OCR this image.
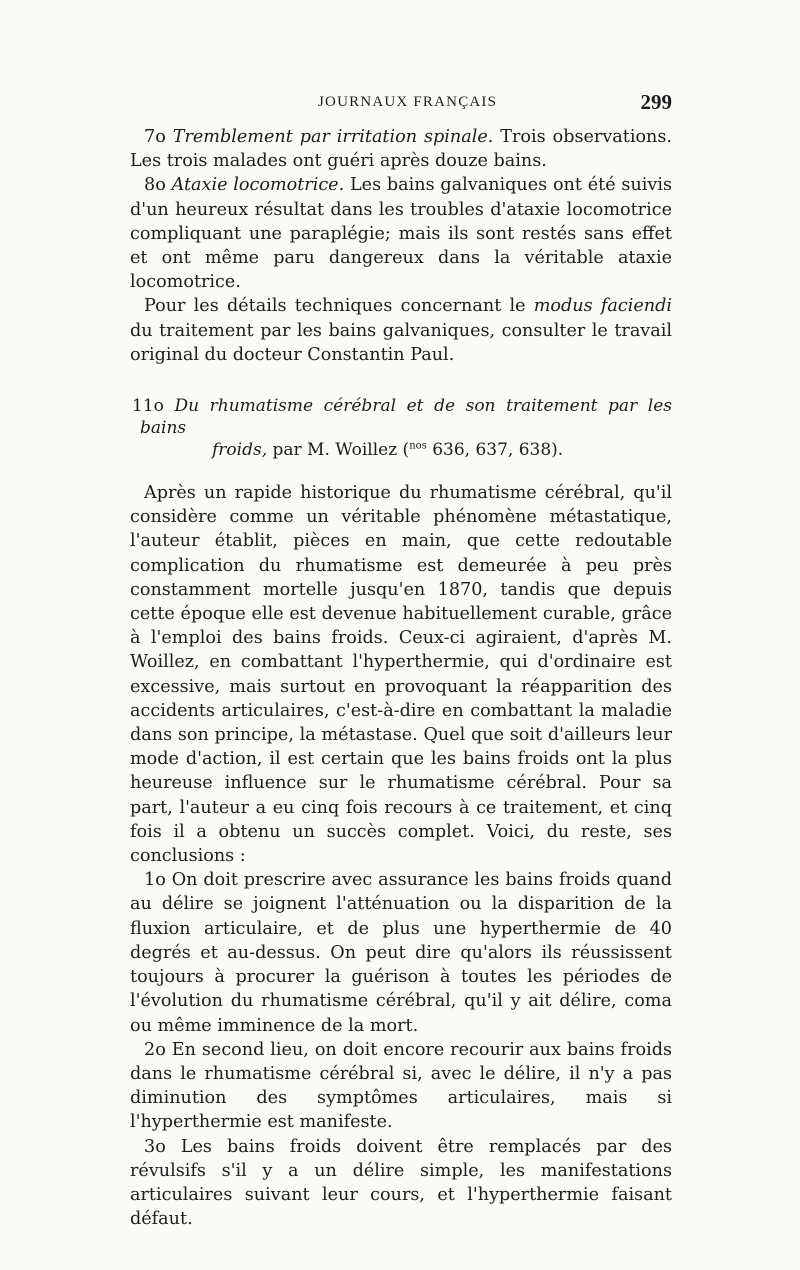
JOURNAUX FRANÇAIS	299

7o Tremblement par irritation spinale. Trois observations. Les trois malades ont guéri après douze bains.

8o Ataxie locomotrice. Les bains galvaniques ont été suivis d'un heureux résultat dans les troubles d'ataxie locomotrice compliquant une paraplégie; mais ils sont restés sans effet et ont même paru dangereux dans la véritable ataxie locomotrice.

Pour les détails techniques concernant le modus faciendi du traitement par les bains galvaniques, consulter le travail original du docteur Constantin Paul.

11o Du rhumatisme cérébral et de son traitement par les bains
froids, par M. Woillez ($^{nos}$ 636, 637, 638).

Après un rapide historique du rhumatisme cérébral, qu'il considère comme un véritable phénomène métastatique, l'auteur établit, pièces en main, que cette redoutable complication du rhumatisme est demeurée à peu près constamment mortelle jusqu'en 1870, tandis que depuis cette époque elle est devenue habituellement curable, grâce à l'emploi des bains froids. Ceux-ci agiraient, d'après M. Woillez, en combattant l'hyperthermie, qui d'ordinaire est excessive, mais surtout en provoquant la réapparition des accidents articulaires, c'est-à-dire en combattant la maladie dans son principe, la métastase. Quel que soit d'ailleurs leur mode d'action, il est certain que les bains froids ont la plus heureuse influence sur le rhumatisme cérébral. Pour sa part, l'auteur a eu cinq fois recours à ce traitement, et cinq fois il a obtenu un succès complet. Voici, du reste, ses conclusions :

1o On doit prescrire avec assurance les bains froids quand au délire se joignent l'atténuation ou la disparition de la fluxion articulaire, et de plus une hyperthermie de 40 degrés et au-dessus. On peut dire qu'alors ils réussissent toujours à procurer la guérison à toutes les périodes de l'évolution du rhumatisme cérébral, qu'il y ait délire, coma ou même imminence de la mort.

2o En second lieu, on doit encore recourir aux bains froids dans le rhumatisme cérébral si, avec le délire, il n'y a pas diminution des symptômes articulaires, mais si l'hyperthermie est manifeste.

3o Les bains froids doivent être remplacés par des révulsifs s'il y a un délire simple, les manifestations articulaires suivant leur cours, et l'hyperthermie faisant défaut.
